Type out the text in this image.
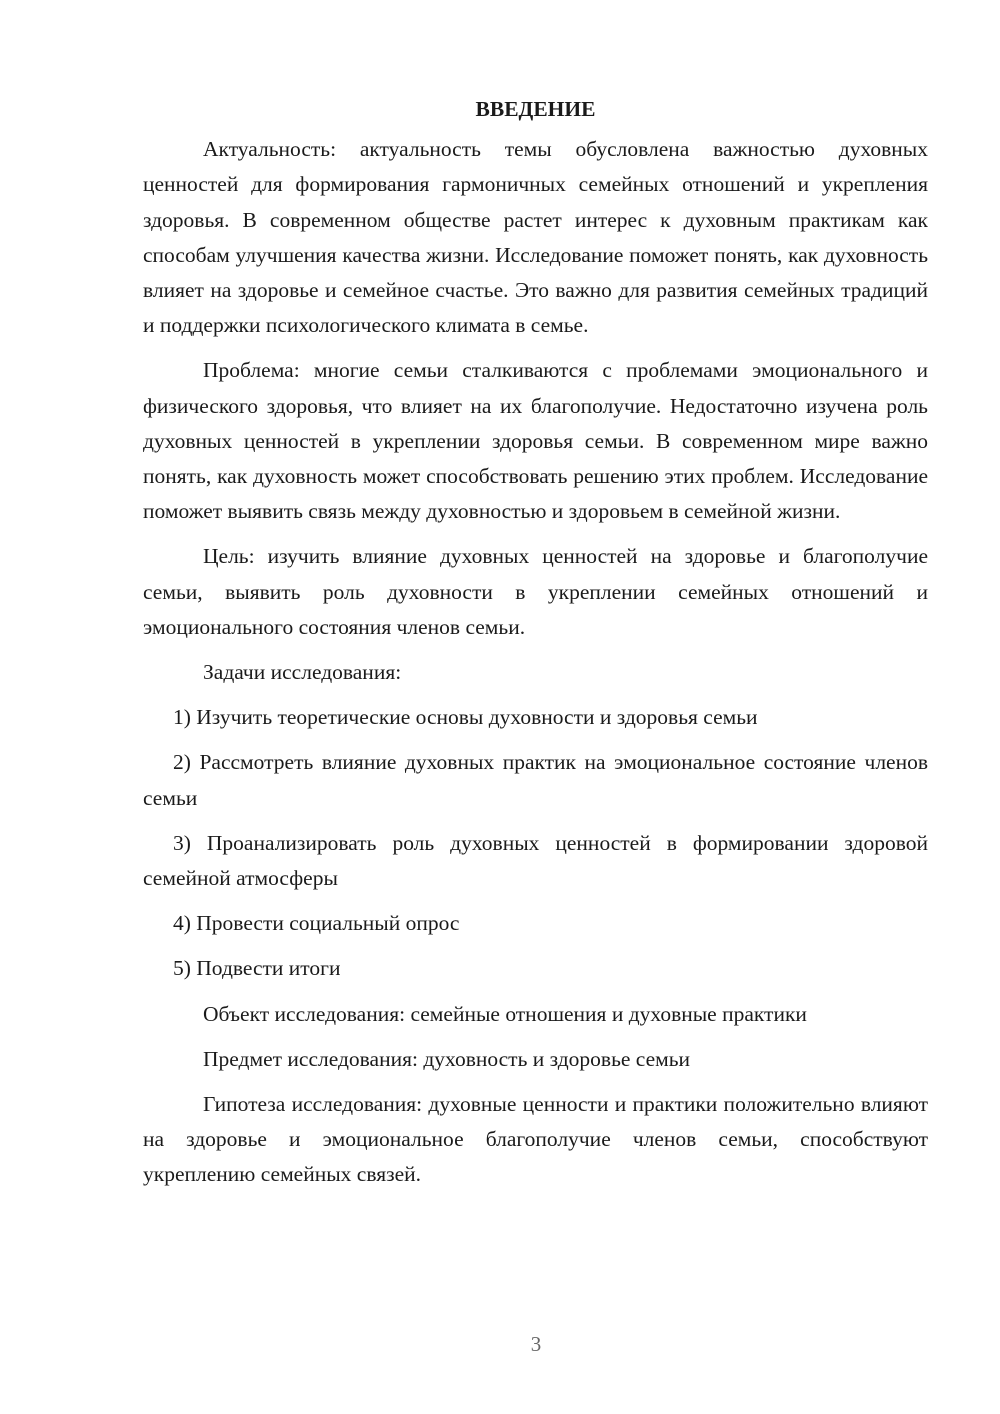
ВВЕДЕНИЕ

Актуальность: актуальность темы обусловлена важностью духовных ценностей для формирования гармоничных семейных отношений и укрепления здоровья. В современном обществе растет интерес к духовным практикам как способам улучшения качества жизни. Исследование поможет понять, как духовность влияет на здоровье и семейное счастье. Это важно для развития семейных традиций и поддержки психологического климата в семье.

Проблема: многие семьи сталкиваются с проблемами эмоционального и физического здоровья, что влияет на их благополучие. Недостаточно изучена роль духовных ценностей в укреплении здоровья семьи. В современном мире важно понять, как духовность может способствовать решению этих проблем. Исследование поможет выявить связь между духовностью и здоровьем в семейной жизни.

Цель: изучить влияние духовных ценностей на здоровье и благополучие семьи, выявить роль духовности в укреплении семейных отношений и эмоционального состояния членов семьи.

Задачи исследования:

1) Изучить теоретические основы духовности и здоровья семьи

2) Рассмотреть влияние духовных практик на эмоциональное состояние членов семьи

3) Проанализировать роль духовных ценностей в формировании здоровой семейной атмосферы

4) Провести социальный опрос

5) Подвести итоги

Объект исследования: семейные отношения и духовные практики

Предмет исследования: духовность и здоровье семьи

Гипотеза исследования: духовные ценности и практики положительно влияют на здоровье и эмоциональное благополучие членов семьи, способствуют укреплению семейных связей.

3
